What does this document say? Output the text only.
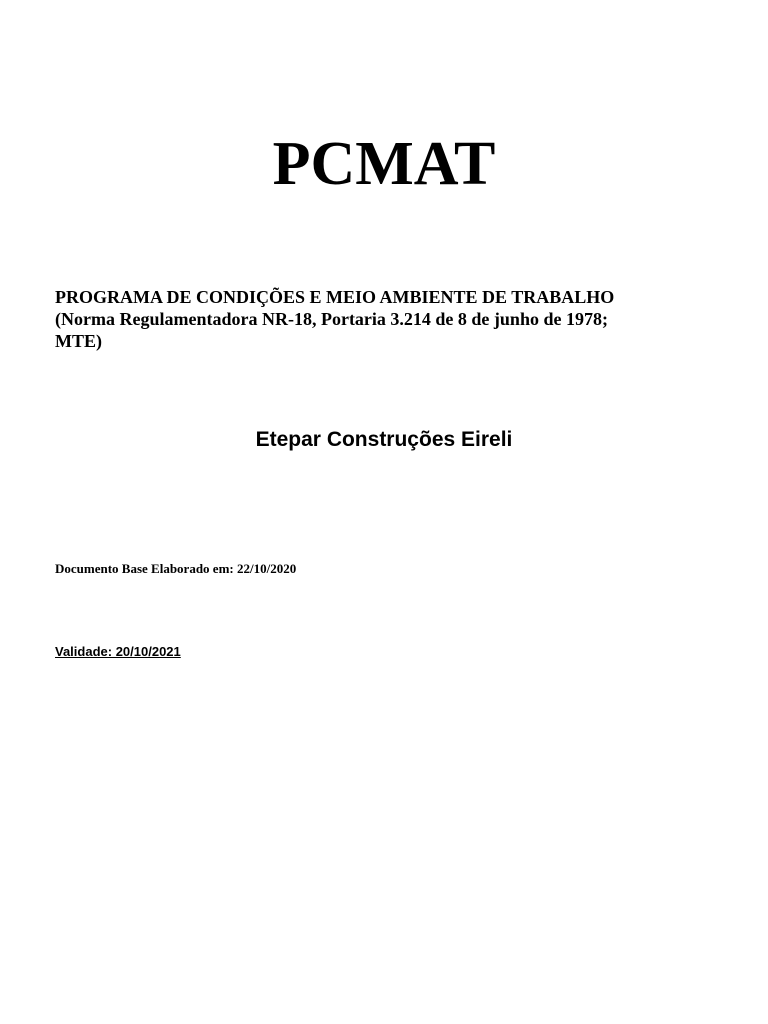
PCMAT

PROGRAMA DE CONDIÇÕES E MEIO AMBIENTE DE TRABALHO
(Norma Regulamentadora NR-18, Portaria 3.214 de 8 de junho de 1978;
MTE)

Etepar Construções Eireli

Documento Base Elaborado em: 22/10/2020

Validade: 20/10/2021
